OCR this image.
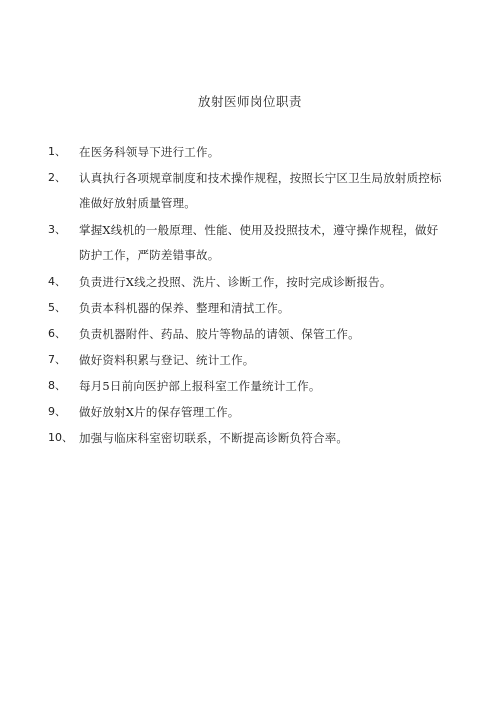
放射医师岗位职责
1、 在医务科领导下进行工作。
2、 认真执行各项规章制度和技术操作规程，按照长宁区卫生局放射质控标
准做好放射质量管理。
3、 掌握X线机的一般原理、性能、使用及投照技术，遵守操作规程，做好
防护工作，严防差错事故。
4、 负责进行X线之投照、洗片、诊断工作，按时完成诊断报告。
5、 负责本科机器的保养、整理和清拭工作。
6、 负责机器附件、药品、胶片等物品的请领、保管工作。
7、 做好资料积累与登记、统计工作。
8、 每月5日前向医护部上报科室工作量统计工作。
9、 做好放射X片的保存管理工作。
10、 加强与临床科室密切联系，不断提高诊断负符合率。
